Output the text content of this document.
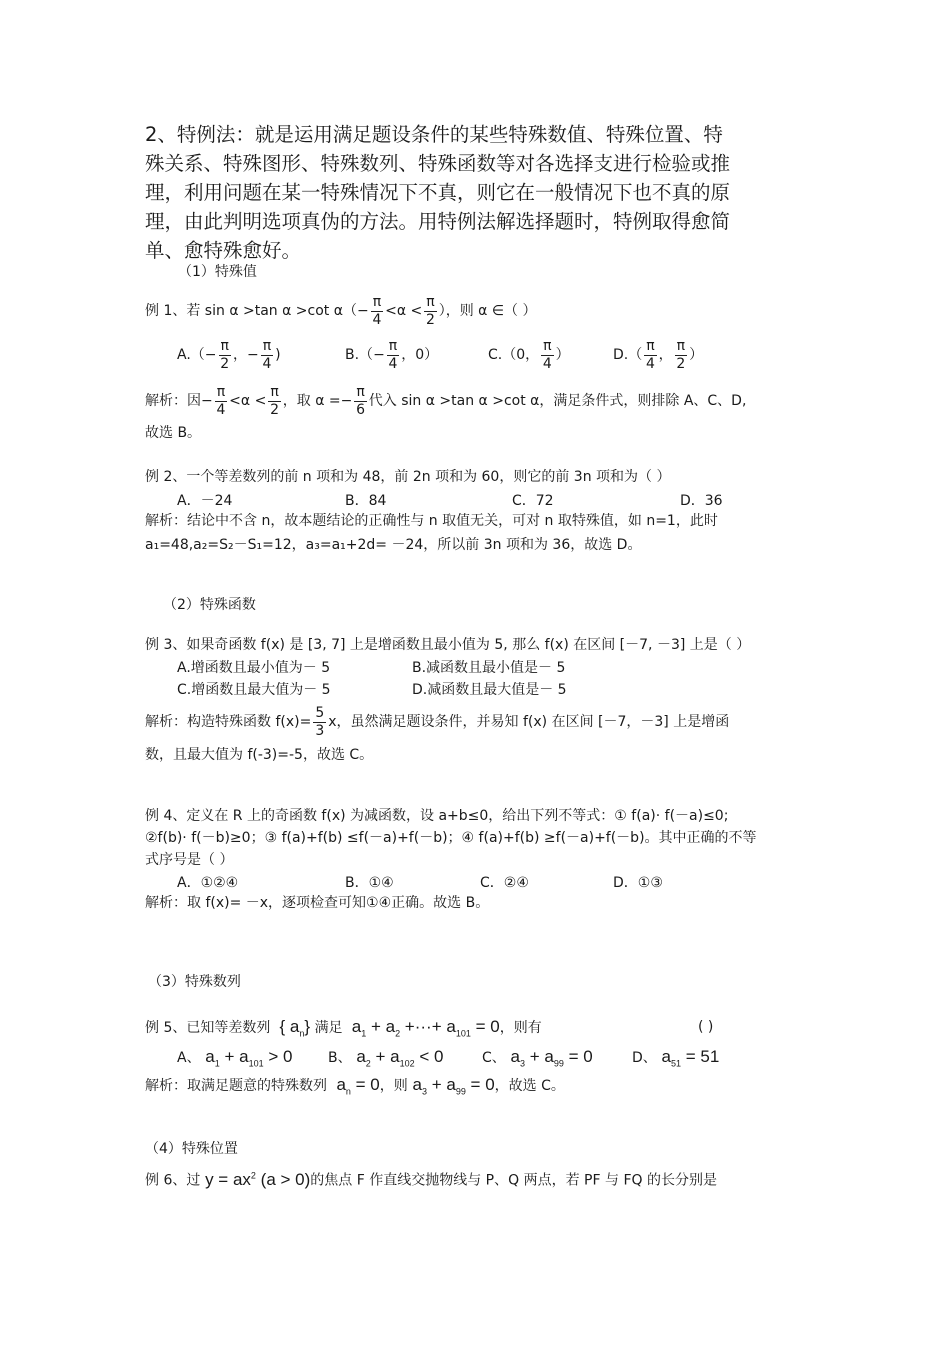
2、特例法：就是运用满足题设条件的某些特殊数值、特殊位置、特
殊关系、特殊图形、特殊数列、特殊函数等对各选择支进行检验或推
理，利用问题在某一特殊情况下不真，则它在一般情况下也不真的原
理，由此判明选项真伪的方法。用特例法解选择题时，特例取得愈简
单、愈特殊愈好。
（1）特殊值
例 1、若 sin α >tan α >cot $\alpha(- \frac{\pi}{4} <\alpha < \frac{\pi}{2}$ ），则 α ∈（ ）
$A.(- \frac{\pi}{2}$ ，− $\frac{\pi}{4}$ )	$B.(- \frac{\pi}{4}$ ，0）	C.（0， $\frac{\pi}{4}$ ）	$D.( \frac{\pi}{4}$ ， $\frac{\pi}{2}$ ）
解析：因− $\frac{\pi}{4} <\alpha < \frac{\pi}{2}$ ，取 $\alpha =- \frac{\pi}{6}$ 代入 sin α >tan α >cot α，满足条件式，则排除 A、C、D,
故选 B。
例 2、一个等差数列的前 n 项和为 48，前 2n 项和为 60，则它的前 3n 项和为（ ）
A．－24	B．84	C．72	D．36
解析：结论中不含 n，故本题结论的正确性与 n 取值无关，可对 n 取特殊值，如 n=1，此时
a₁=48,a₂=S₂－S₁=12，a₃=a₁+2d= －24，所以前 3n 项和为 36，故选 D。
（2）特殊函数
例 3、如果奇函数 f(x) 是 [3, 7] 上是增函数且最小值为 5, 那么 f(x) 在区间 [－7, －3] 上是（ ）
A.增函数且最小值为－ 5	B.减函数且最小值是－ 5
C.增函数且最大值为－ 5	D.减函数且最大值是－ 5
解析：构造特殊函数 $f(x)= \frac{5}{3}$ x，虽然满足题设条件，并易知 f(x) 在区间 [－7，－3] 上是增函
数，且最大值为 f(-3)=-5，故选 C。
例 4、定义在 R 上的奇函数 f(x) 为减函数，设 a+b≤0，给出下列不等式：① f(a)· f(－a)≤0;
②f(b)· f(－b)≥0；③ f(a)+f(b) ≤f(－a)+f(－b)；④ f(a)+f(b) ≥f(－a)+f(－b)。其中正确的不等
式序号是（ ）
A．①②④	B．①④	C．②④	D．①③
解析：取 f(x)= －x，逐项检查可知①④正确。故选 B。
（3）特殊数列
例 5、已知等差数列  { $a_n$} 满足  $a_1 + a_2$ +···+ $a_{101} = 0$，则有	( )
A、 $a_1 + a_{101} > 0$	B、 $a_2 + a_{102} < 0$	C、 $a_3 + a_{99} = 0$	D、 $a_{51} = 51$
解析：取满足题意的特殊数列  $a_n = 0$，则 $a_3 + a_{99} = 0$，故选 C。
（4）特殊位置
例 6、过 $y = ax^2$ (a > 0)的焦点 F 作直线交抛物线与 P、Q 两点，若 PF 与 FQ 的长分别是
